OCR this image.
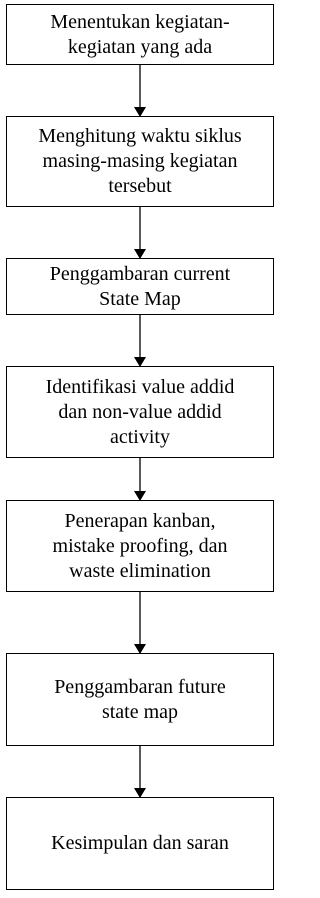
Menentukan kegiatan-
kegiatan yang ada
Menghitung waktu siklus
masing-masing kegiatan
tersebut
Penggambaran current
State Map
Identifikasi value addid
dan non-value addid
activity
Penerapan kanban,
mistake proofing, dan
waste elimination
Penggambaran future
state map
Kesimpulan dan saran
